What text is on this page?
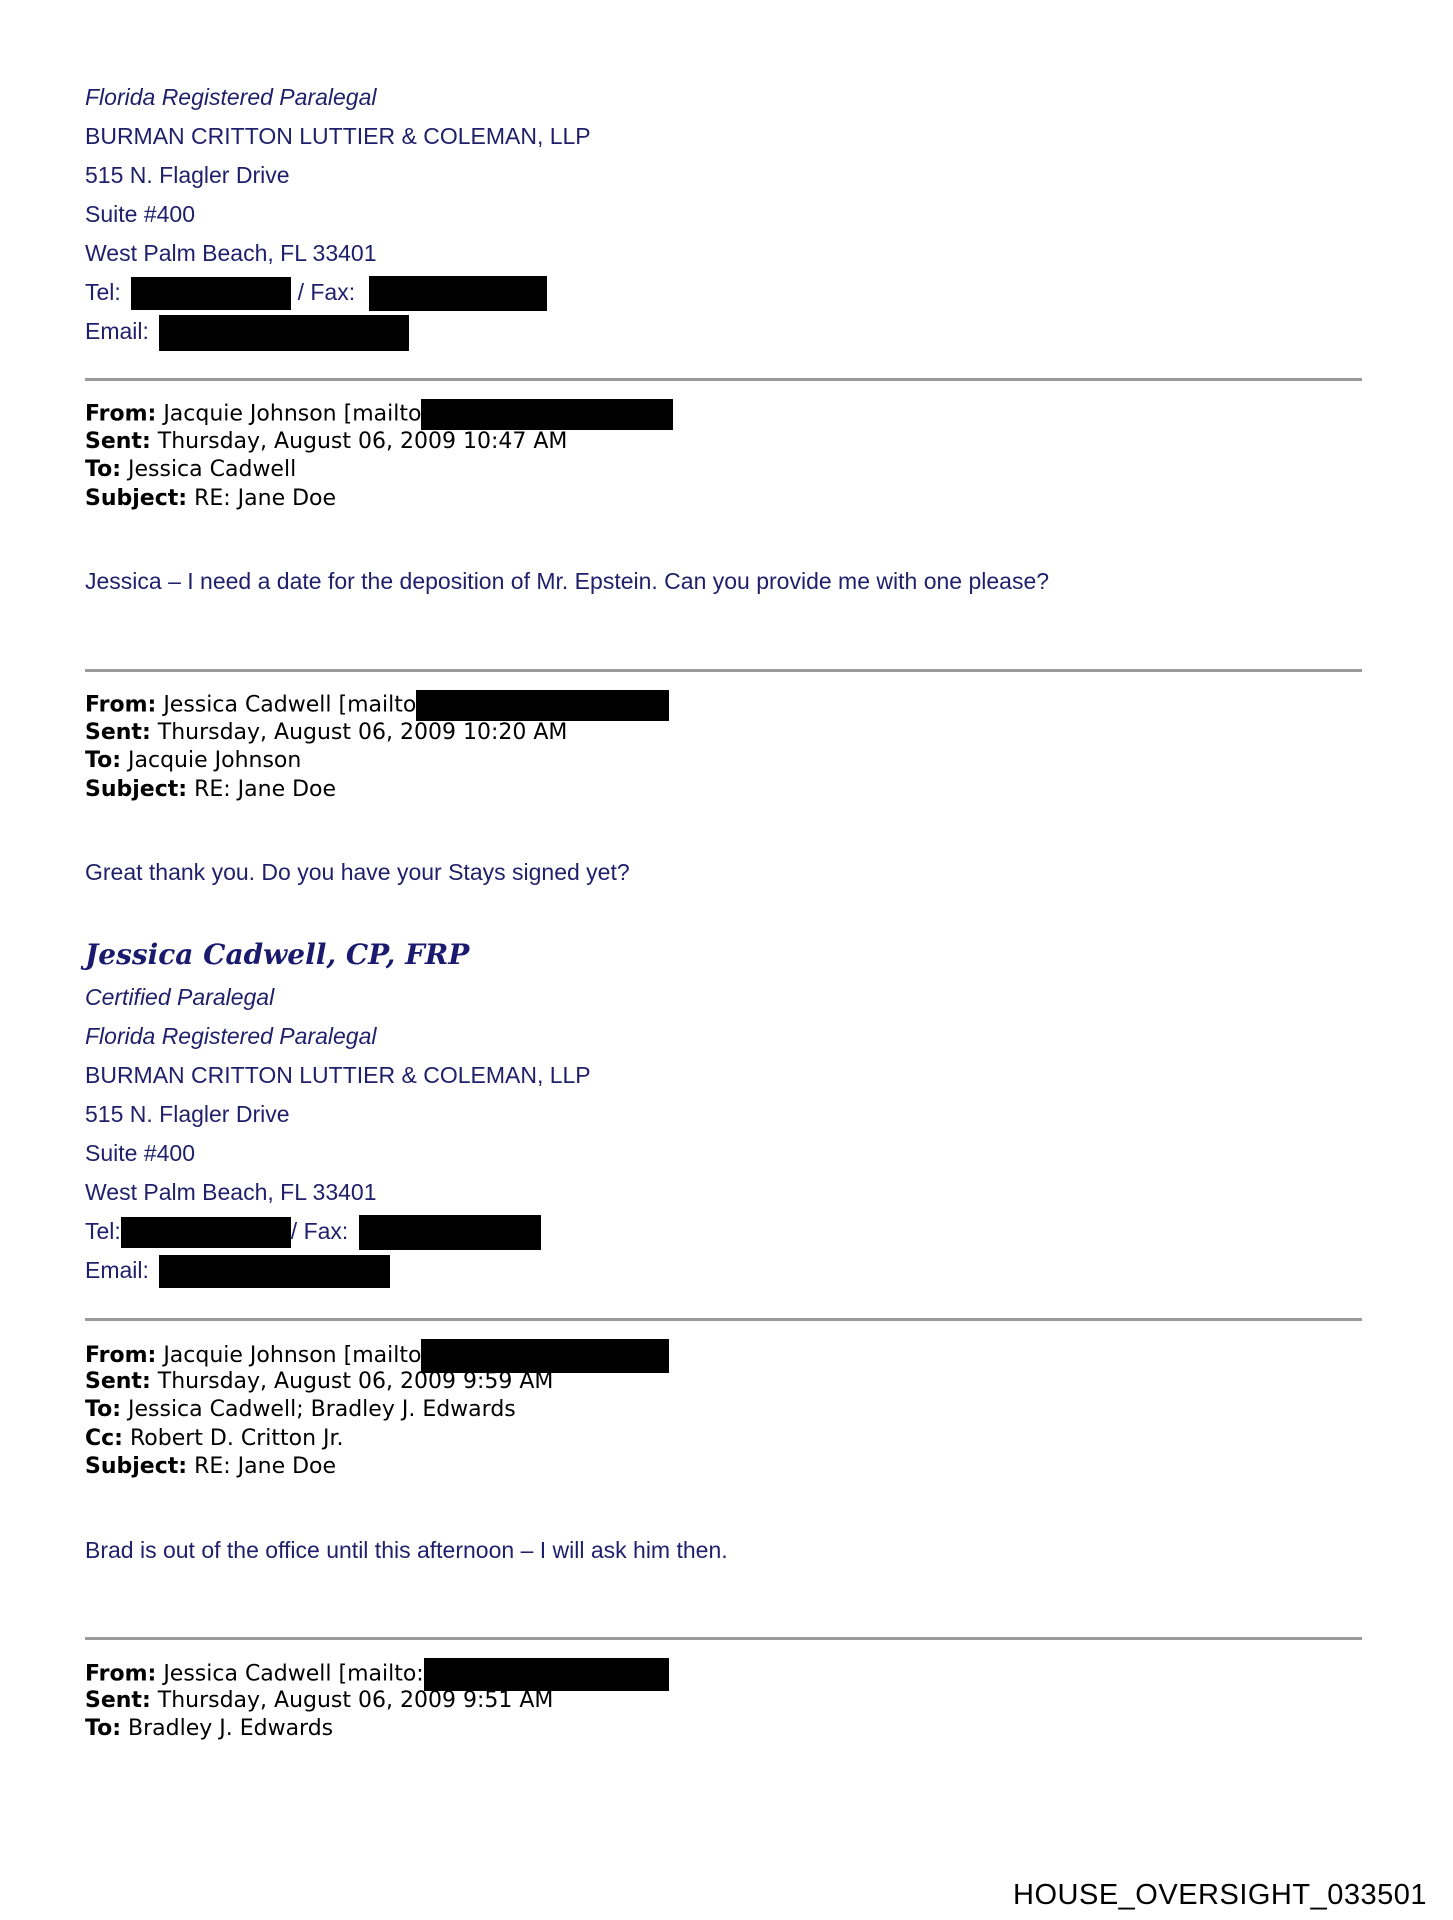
Florida Registered Paralegal
BURMAN CRITTON LUTTIER & COLEMAN, LLP
515 N. Flagler Drive
Suite #400
West Palm Beach, FL 33401
Tel:	/ Fax:
Email:
From: Jacquie Johnson [mailto
Sent: Thursday, August 06, 2009 10:47 AM
To: Jessica Cadwell
Subject: RE: Jane Doe
Jessica – I need a date for the deposition of Mr. Epstein. Can you provide me with one please?
From: Jessica Cadwell [mailto
Sent: Thursday, August 06, 2009 10:20 AM
To: Jacquie Johnson
Subject: RE: Jane Doe
Great thank you. Do you have your Stays signed yet?
Jessica Cadwell, CP, FRP
Certified Paralegal
Florida Registered Paralegal
BURMAN CRITTON LUTTIER & COLEMAN, LLP
515 N. Flagler Drive
Suite #400
West Palm Beach, FL 33401
Tel:	/ Fax:
Email:
From: Jacquie Johnson [mailto
Sent: Thursday, August 06, 2009 9:59 AM
To: Jessica Cadwell; Bradley J. Edwards
Cc: Robert D. Critton Jr.
Subject: RE: Jane Doe
Brad is out of the office until this afternoon – I will ask him then.
From: Jessica Cadwell [mailto:
Sent: Thursday, August 06, 2009 9:51 AM
To: Bradley J. Edwards
HOUSE_OVERSIGHT_033501
